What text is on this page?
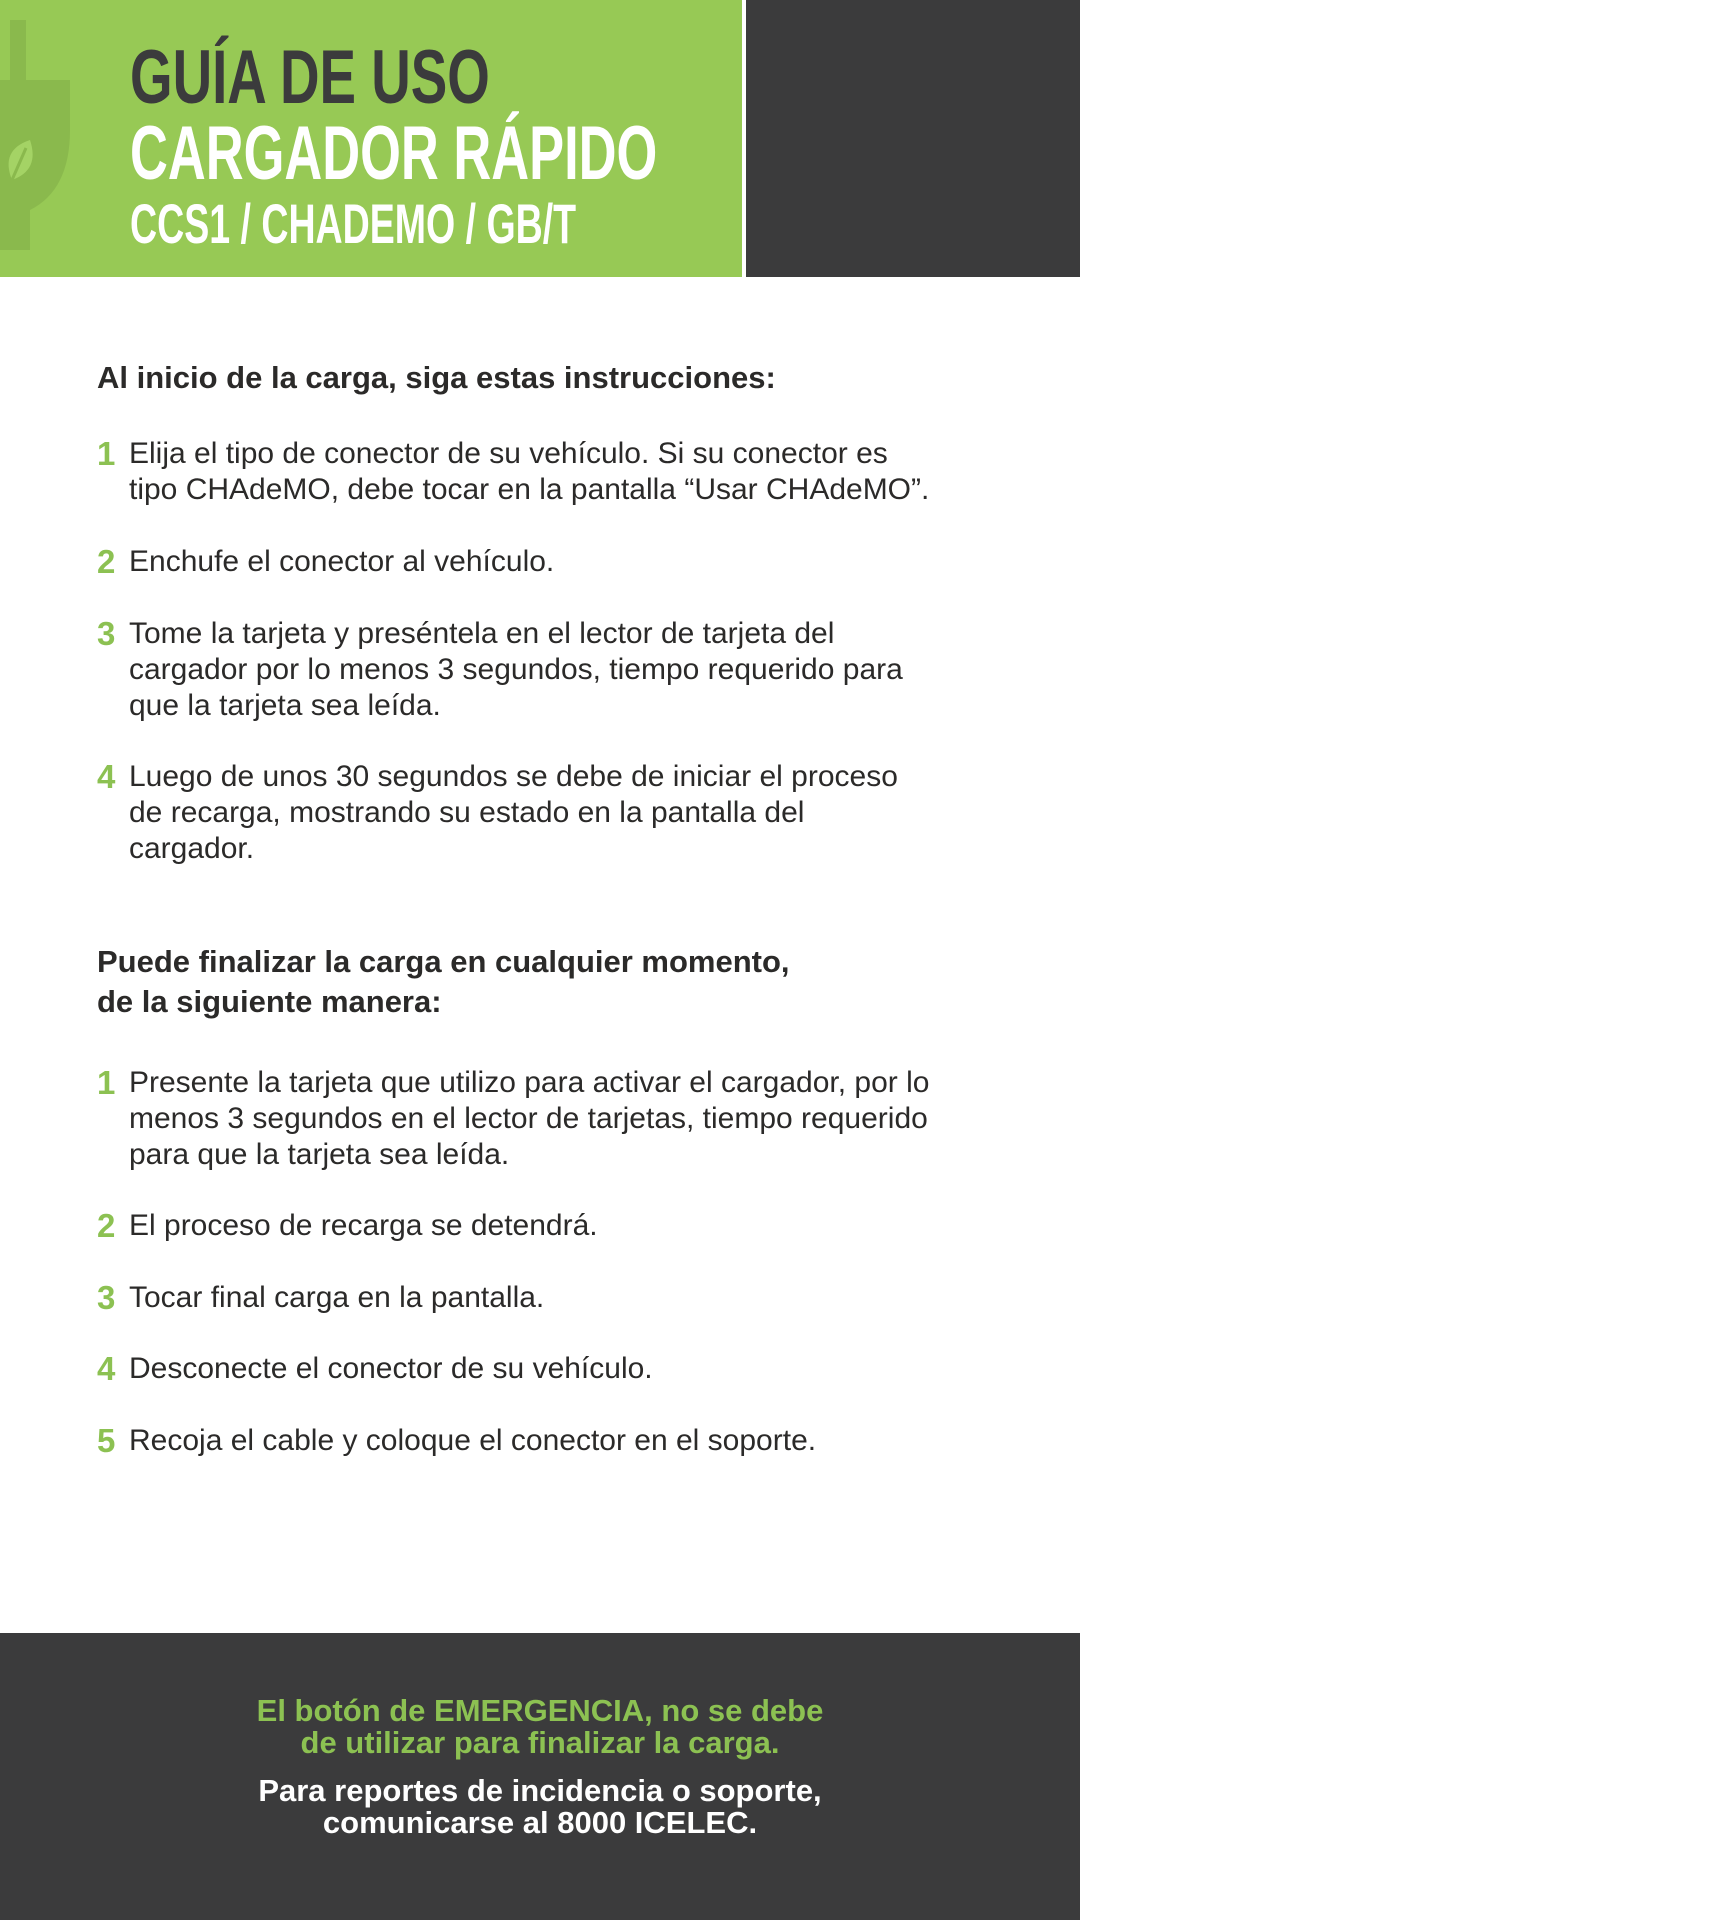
GUÍA DE USO
CARGADOR RÁPIDO
CCS1 / CHADEMO / GB/T
ice

Al inicio de la carga, siga estas instrucciones:

1 Elija el tipo de conector de su vehículo. Si su conector es
tipo CHAdeMO, debe tocar en la pantalla “Usar CHAdeMO”.
2 Enchufe el conector al vehículo.
3 Tome la tarjeta y preséntela en el lector de tarjeta del
cargador por lo menos 3 segundos, tiempo requerido para
que la tarjeta sea leída.
4 Luego de unos 30 segundos se debe de iniciar el proceso
de recarga, mostrando su estado en la pantalla del
cargador.

Puede finalizar la carga en cualquier momento,
de la siguiente manera:

1 Presente la tarjeta que utilizo para activar el cargador, por lo
menos 3 segundos en el lector de tarjetas, tiempo requerido
para que la tarjeta sea leída.
2 El proceso de recarga se detendrá.
3 Tocar final carga en la pantalla.
4 Desconecte el conector de su vehículo.
5 Recoja el cable y coloque el conector en el soporte.

El botón de EMERGENCIA, no se debe
de utilizar para finalizar la carga.

Para reportes de incidencia o soporte,
comunicarse al 8000 ICELEC.
